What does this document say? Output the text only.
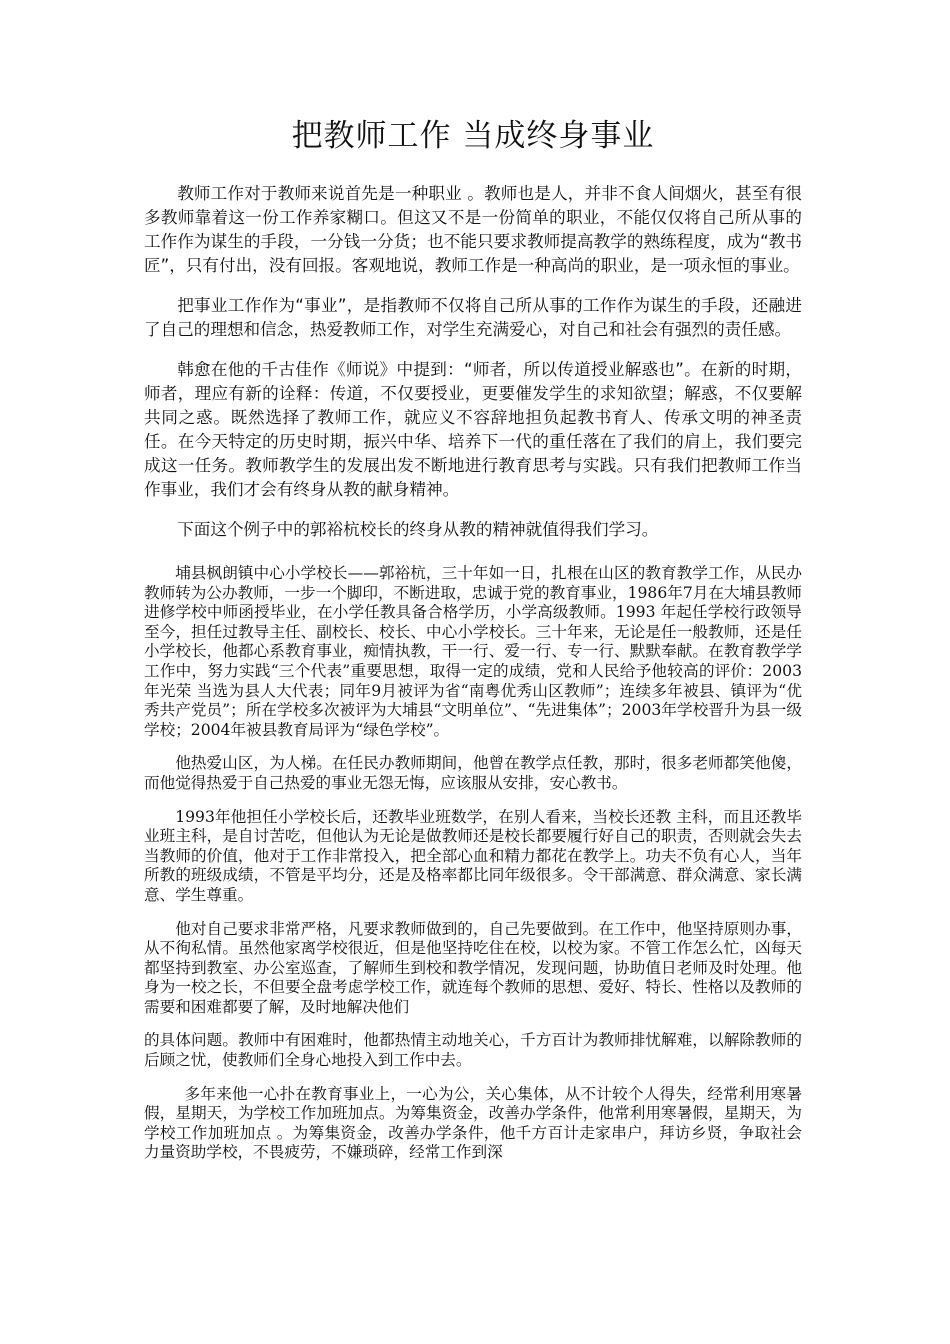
把教师工作 当成终身事业

教师工作对于教师来说首先是一种职业 。教师也是人，并非不食人间烟火，甚至有很多教师靠着这一份工作养家糊口。但这又不是一份简单的职业，不能仅仅将自己所从事的工作作为谋生的手段，一分钱一分货；也不能只要求教师提高教学的熟练程度，成为“教书匠”，只有付出，没有回报。客观地说，教师工作是一种高尚的职业，是一项永恒的事业。

把事业工作作为“事业”，是指教师不仅将自己所从事的工作作为谋生的手段，还融进了自己的理想和信念，热爱教师工作，对学生充满爱心，对自己和社会有强烈的责任感。

韩愈在他的千古佳作《师说》中提到：“师者，所以传道授业解惑也”。在新的时期，师者，理应有新的诠释：传道，不仅要授业，更要催发学生的求知欲望；解惑，不仅要解共同之惑。既然选择了教师工作，就应义不容辞地担负起教书育人、传承文明的神圣责任。在今天特定的历史时期，振兴中华、培养下一代的重任落在了我们的肩上，我们要完成这一任务。教师教学生的发展出发不断地进行教育思考与实践。只有我们把教师工作当作事业，我们才会有终身从教的献身精神。

下面这个例子中的郭裕杭校长的终身从教的精神就值得我们学习。

埔县枫朗镇中心小学校长——郭裕杭，三十年如一日，扎根在山区的教育教学工作，从民办教师转为公办教师，一步一个脚印，不断进取，忠诚于党的教育事业，1986年7月在大埔县教师进修学校中师函授毕业，在小学任教具备合格学历，小学高级教师。1993 年起任学校行政领导至今，担任过教导主任、副校长、校长、中心小学校长。三十年来，无论是任一般教师，还是任小学校长，他都心系教育事业，痴情执教，干一行、爱一行、专一行、默默奉献。在教育教学学工作中，努力实践“三个代表”重要思想，取得一定的成绩，党和人民给予他较高的评价：2003年光荣 当选为县人大代表；同年9月被评为省“南粤优秀山区教师”；连续多年被县、镇评为“优秀共产党员”；所在学校多次被评为大埔县“文明单位”、“先进集体”；2003年学校晋升为县一级学校；2004年被县教育局评为“绿色学校”。

他热爱山区，为人梯。在任民办教师期间，他曾在教学点任教，那时，很多老师都笑他傻，而他觉得热爱于自己热爱的事业无怨无悔，应该服从安排，安心教书。

1993年他担任小学校长后，还教毕业班数学，在别人看来，当校长还教 主科，而且还教毕业班主科，是自讨苦吃，但他认为无论是做教师还是校长都要履行好自己的职责，否则就会失去当教师的价值，他对于工作非常投入，把全部心血和精力都花在教学上。功夫不负有心人，当年所教的班级成绩，不管是平均分，还是及格率都比同年级很多。令干部满意、群众满意、家长满意、学生尊重。

他对自己要求非常严格，凡要求教师做到的，自己先要做到。在工作中，他坚持原则办事，从不徇私情。虽然他家离学校很近，但是他坚持吃住在校，以校为家。不管工作怎么忙，凶每天都坚持到教室、办公室巡查，了解师生到校和教学情况，发现问题，协助值日老师及时处理。他身为一校之长，不但要全盘考虑学校工作，就连每个教师的思想、爱好、特长、性格以及教师的需要和困难都要了解，及时地解决他们

的具体问题。教师中有困难时，他都热情主动地关心，千方百计为教师排忧解难，以解除教师的后顾之忧，使教师们全身心地投入到工作中去。

多年来他一心扑在教育事业上，一心为公，关心集体，从不计较个人得失，经常利用寒暑假，星期天，为学校工作加班加点。为筹集资金，改善办学条件，他常利用寒暑假，星期天，为学校工作加班加点 。为筹集资金，改善办学条件，他千方百计走家串户，拜访乡贤，争取社会力量资助学校，不畏疲劳，不嫌琐碎，经常工作到深
